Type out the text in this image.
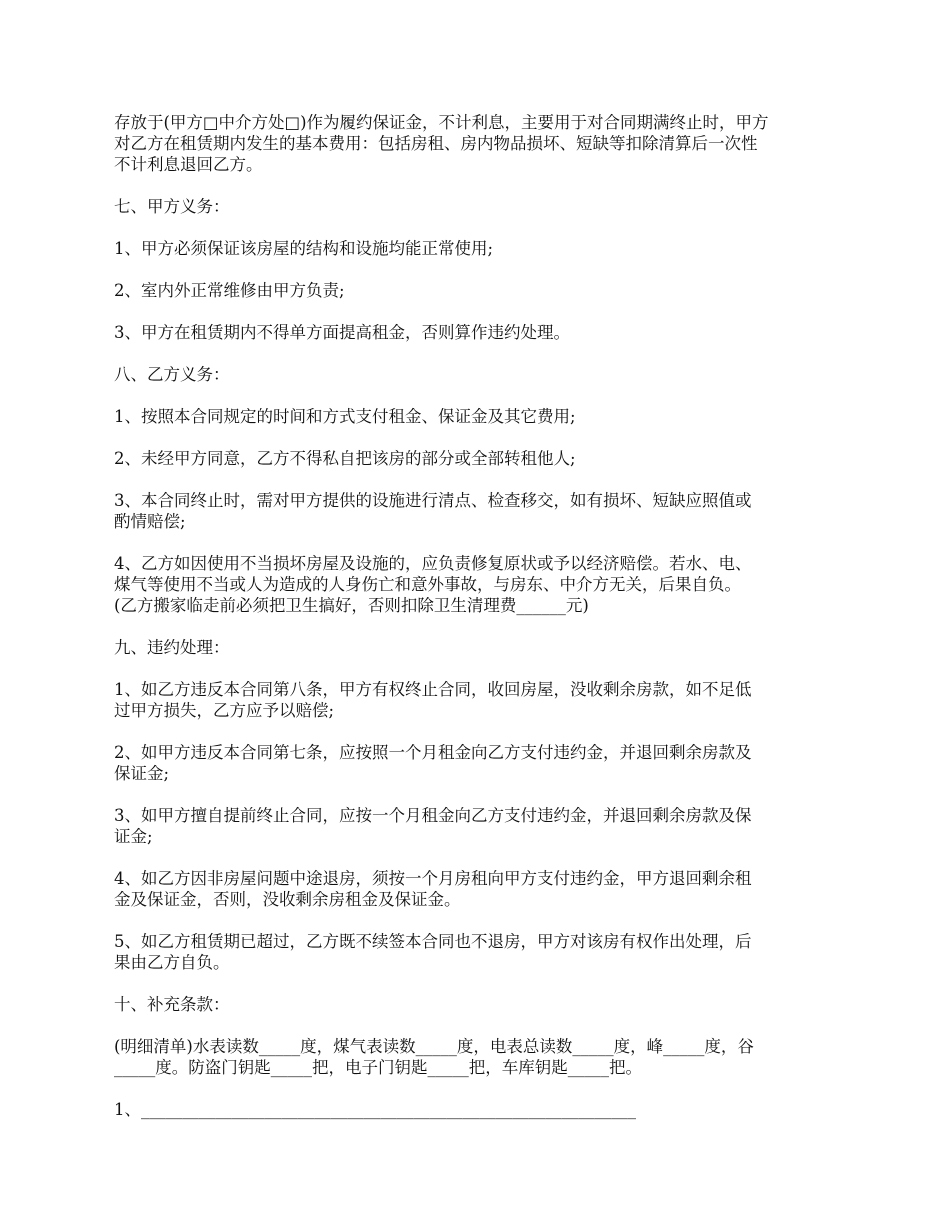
存放于(甲方□中介方处□)作为履约保证金，不计利息，主要用于对合同期满终止时，甲方
对乙方在租赁期内发生的基本费用：包括房租、房内物品损坏、短缺等扣除清算后一次性
不计利息退回乙方。

七、甲方义务：

1、甲方必须保证该房屋的结构和设施均能正常使用;

2、室内外正常维修由甲方负责;

3、甲方在租赁期内不得单方面提高租金，否则算作违约处理。

八、乙方义务：

1、按照本合同规定的时间和方式支付租金、保证金及其它费用;

2、未经甲方同意，乙方不得私自把该房的部分或全部转租他人;

3、本合同终止时，需对甲方提供的设施进行清点、检查移交，如有损坏、短缺应照值或
酌情赔偿;

4、乙方如因使用不当损坏房屋及设施的，应负责修复原状或予以经济赔偿。若水、电、
煤气等使用不当或人为造成的人身伤亡和意外事故，与房东、中介方无关，后果自负。
(乙方搬家临走前必须把卫生搞好，否则扣除卫生清理费______元)

九、违约处理：

1、如乙方违反本合同第八条，甲方有权终止合同，收回房屋，没收剩余房款，如不足低
过甲方损失，乙方应予以赔偿;

2、如甲方违反本合同第七条，应按照一个月租金向乙方支付违约金，并退回剩余房款及
保证金;

3、如甲方擅自提前终止合同，应按一个月租金向乙方支付违约金，并退回剩余房款及保
证金;

4、如乙方因非房屋问题中途退房，须按一个月房租向甲方支付违约金，甲方退回剩余租
金及保证金，否则，没收剩余房租金及保证金。

5、如乙方租赁期已超过，乙方既不续签本合同也不退房，甲方对该房有权作出处理，后
果由乙方自负。

十、补充条款：

(明细清单)水表读数_____度，煤气表读数_____度，电表总读数_____度，峰_____度，谷
_____度。防盗门钥匙_____把，电子门钥匙_____把，车库钥匙_____把。

1、____________________________________________________________
